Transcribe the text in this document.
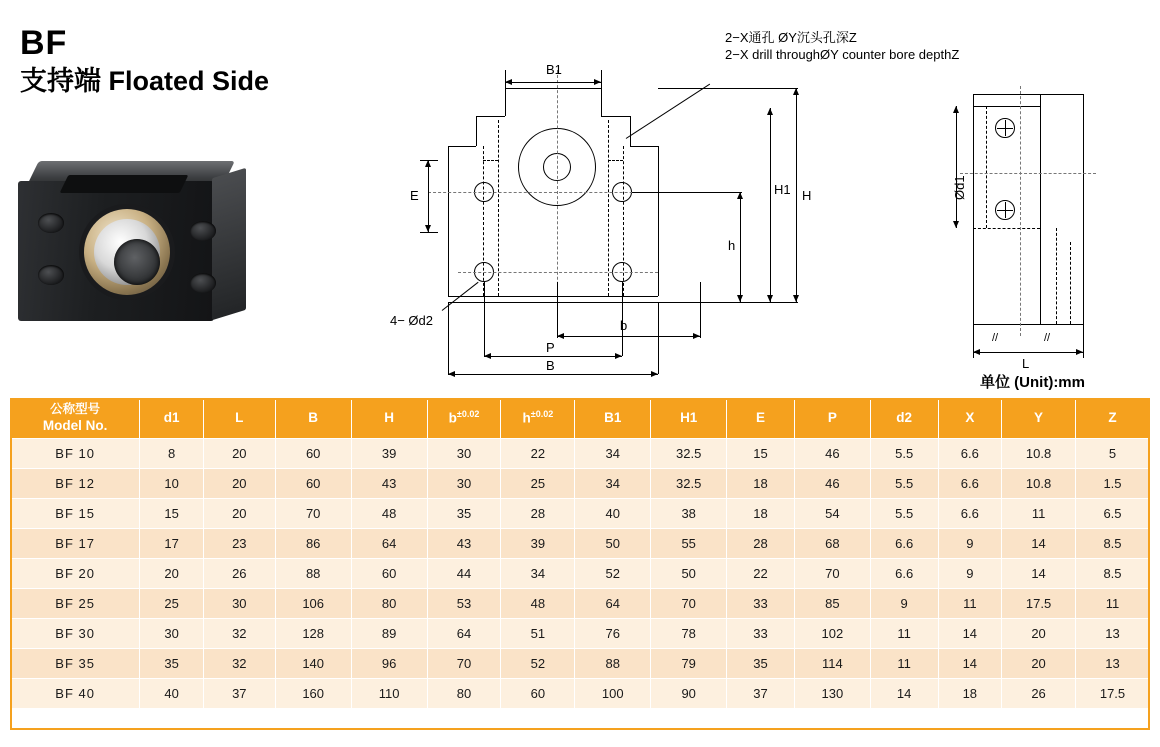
BF
支持端 Floated Side	B1
H
H1
h
E
b
P
B
2−X通孔 ØY沉头孔深Z
2−X drill throughØY counter bore depthZ
4− Ød2
Ød1
L
//	//
单位 (Unit):mm
公称型号
Model No.	d1	L	B	H	$b^{\pm 0.02}$	$h^{\pm 0.02}$	B1	H1	E	P	d2	X	Y	Z
BF 10	8	20	60	39	30	22	34	32.5	15	46	5.5	6.6	10.8	5
BF 12	10	20	60	43	30	25	34	32.5	18	46	5.5	6.6	10.8	1.5
BF 15	15	20	70	48	35	28	40	38	18	54	5.5	6.6	11	6.5
BF 17	17	23	86	64	43	39	50	55	28	68	6.6	9	14	8.5
BF 20	20	26	88	60	44	34	52	50	22	70	6.6	9	14	8.5
BF 25	25	30	106	80	53	48	64	70	33	85	9	11	17.5	11
BF 30	30	32	128	89	64	51	76	78	33	102	11	14	20	13
BF 35	35	32	140	96	70	52	88	79	35	114	11	14	20	13
BF 40	40	37	160	110	80	60	100	90	37	130	14	18	26	17.5
